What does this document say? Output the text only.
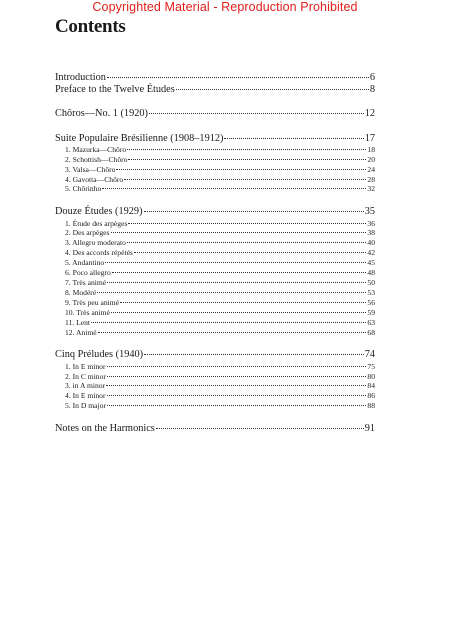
Copyrighted Material - Reproduction Prohibited
Contents
Introduction	6
Preface to the Twelve Études	8
Chôros—No. 1 (1920)	12
Suite Populaire Brésilienne (1908–1912)	17
1. Mazurka—Chôro	18
2. Schottish—Chôro	20
3. Valsa—Chôro	24
4. Gavotta—Chôro	28
5. Chôrinho	32
Douze Études (1929)	35
1. Étude des arpèges	36
2. Des arpèges	38
3. Allegro moderato	40
4. Des accords répétés	42
5. Andantino	45
6. Poco allegro	48
7. Très animé	50
8. Modéré	53
9. Très peu animé	56
10. Très animé	59
11. Lent	63
12. Animé	68
Cinq Préludes (1940)	74
1. In E minor	75
2. In C minor	80
3. in A minor	84
4. In E minor	86
5. In D major	88
Notes on the Harmonics	91
